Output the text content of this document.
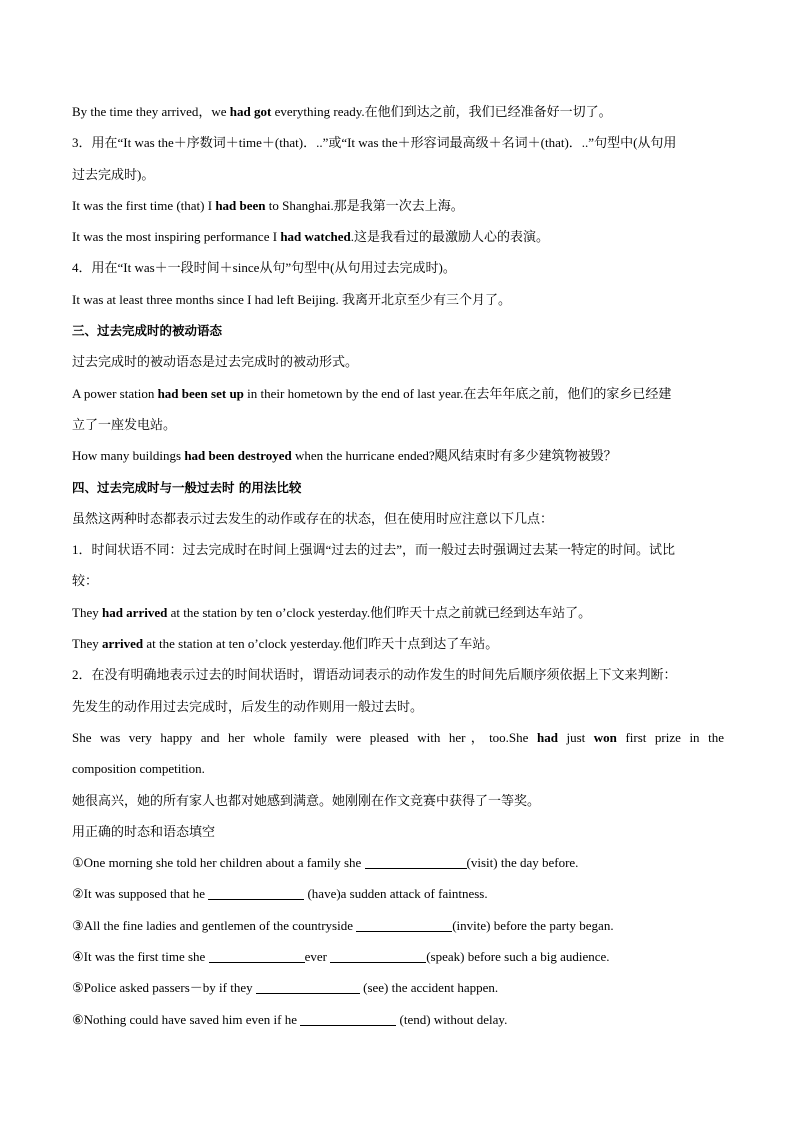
By the time they arrived，we had got everything ready.在他们到达之前，我们已经准备好一切了。
3．用在“It was the＋序数词＋time＋(that)．..”或“It was the＋形容词最高级＋名词＋(that)．..”句型中(从句用
过去完成时)。
It was the first time (that) I had been to Shanghai.那是我第一次去上海。
It was the most inspiring performance I had watched.这是我看过的最激励人心的表演。
4．用在“It was＋一段时间＋since从句”句型中(从句用过去完成时)。
It was at least three months since I had left Beijing. 我离开北京至少有三个月了。
三、过去完成时的被动语态
过去完成时的被动语态是过去完成时的被动形式。
A power station had been set up in their hometown by the end of last year.在去年年底之前，他们的家乡已经建
立了一座发电站。
How many buildings had been destroyed when the hurricane ended?飓风结束时有多少建筑物被毁？
四、过去完成时与一般过去时 的用法比较
虽然这两种时态都表示过去发生的动作或存在的状态，但在使用时应注意以下几点：
1．时间状语不同：过去完成时在时间上强调“过去的过去”，而一般过去时强调过去某一特定的时间。试比
较：
They had arrived at the station by ten o’clock yesterday.他们昨天十点之前就已经到达车站了。
They arrived at the station at ten o’clock yesterday.他们昨天十点到达了车站。
2．在没有明确地表示过去的时间状语时，谓语动词表示的动作发生的时间先后顺序须依据上下文来判断：
先发生的动作用过去完成时，后发生的动作则用一般过去时。
She was very happy and her whole family were pleased with her，too.She had just won first prize in the
composition competition.
她很高兴，她的所有家人也都对她感到满意。她刚刚在作文竞赛中获得了一等奖。
用正确的时态和语态填空
①One morning she told her children about a family she	(visit) the day before.
②It was supposed that he	(have)a sudden attack of faintness.
③All the fine ladies and gentlemen of the countryside	(invite) before the party began.
④It was the first time she	ever	(speak) before such a big audience.
⑤Police asked passers－by if they	(see) the accident happen.
⑥Nothing could have saved him even if he	(tend) without delay.
